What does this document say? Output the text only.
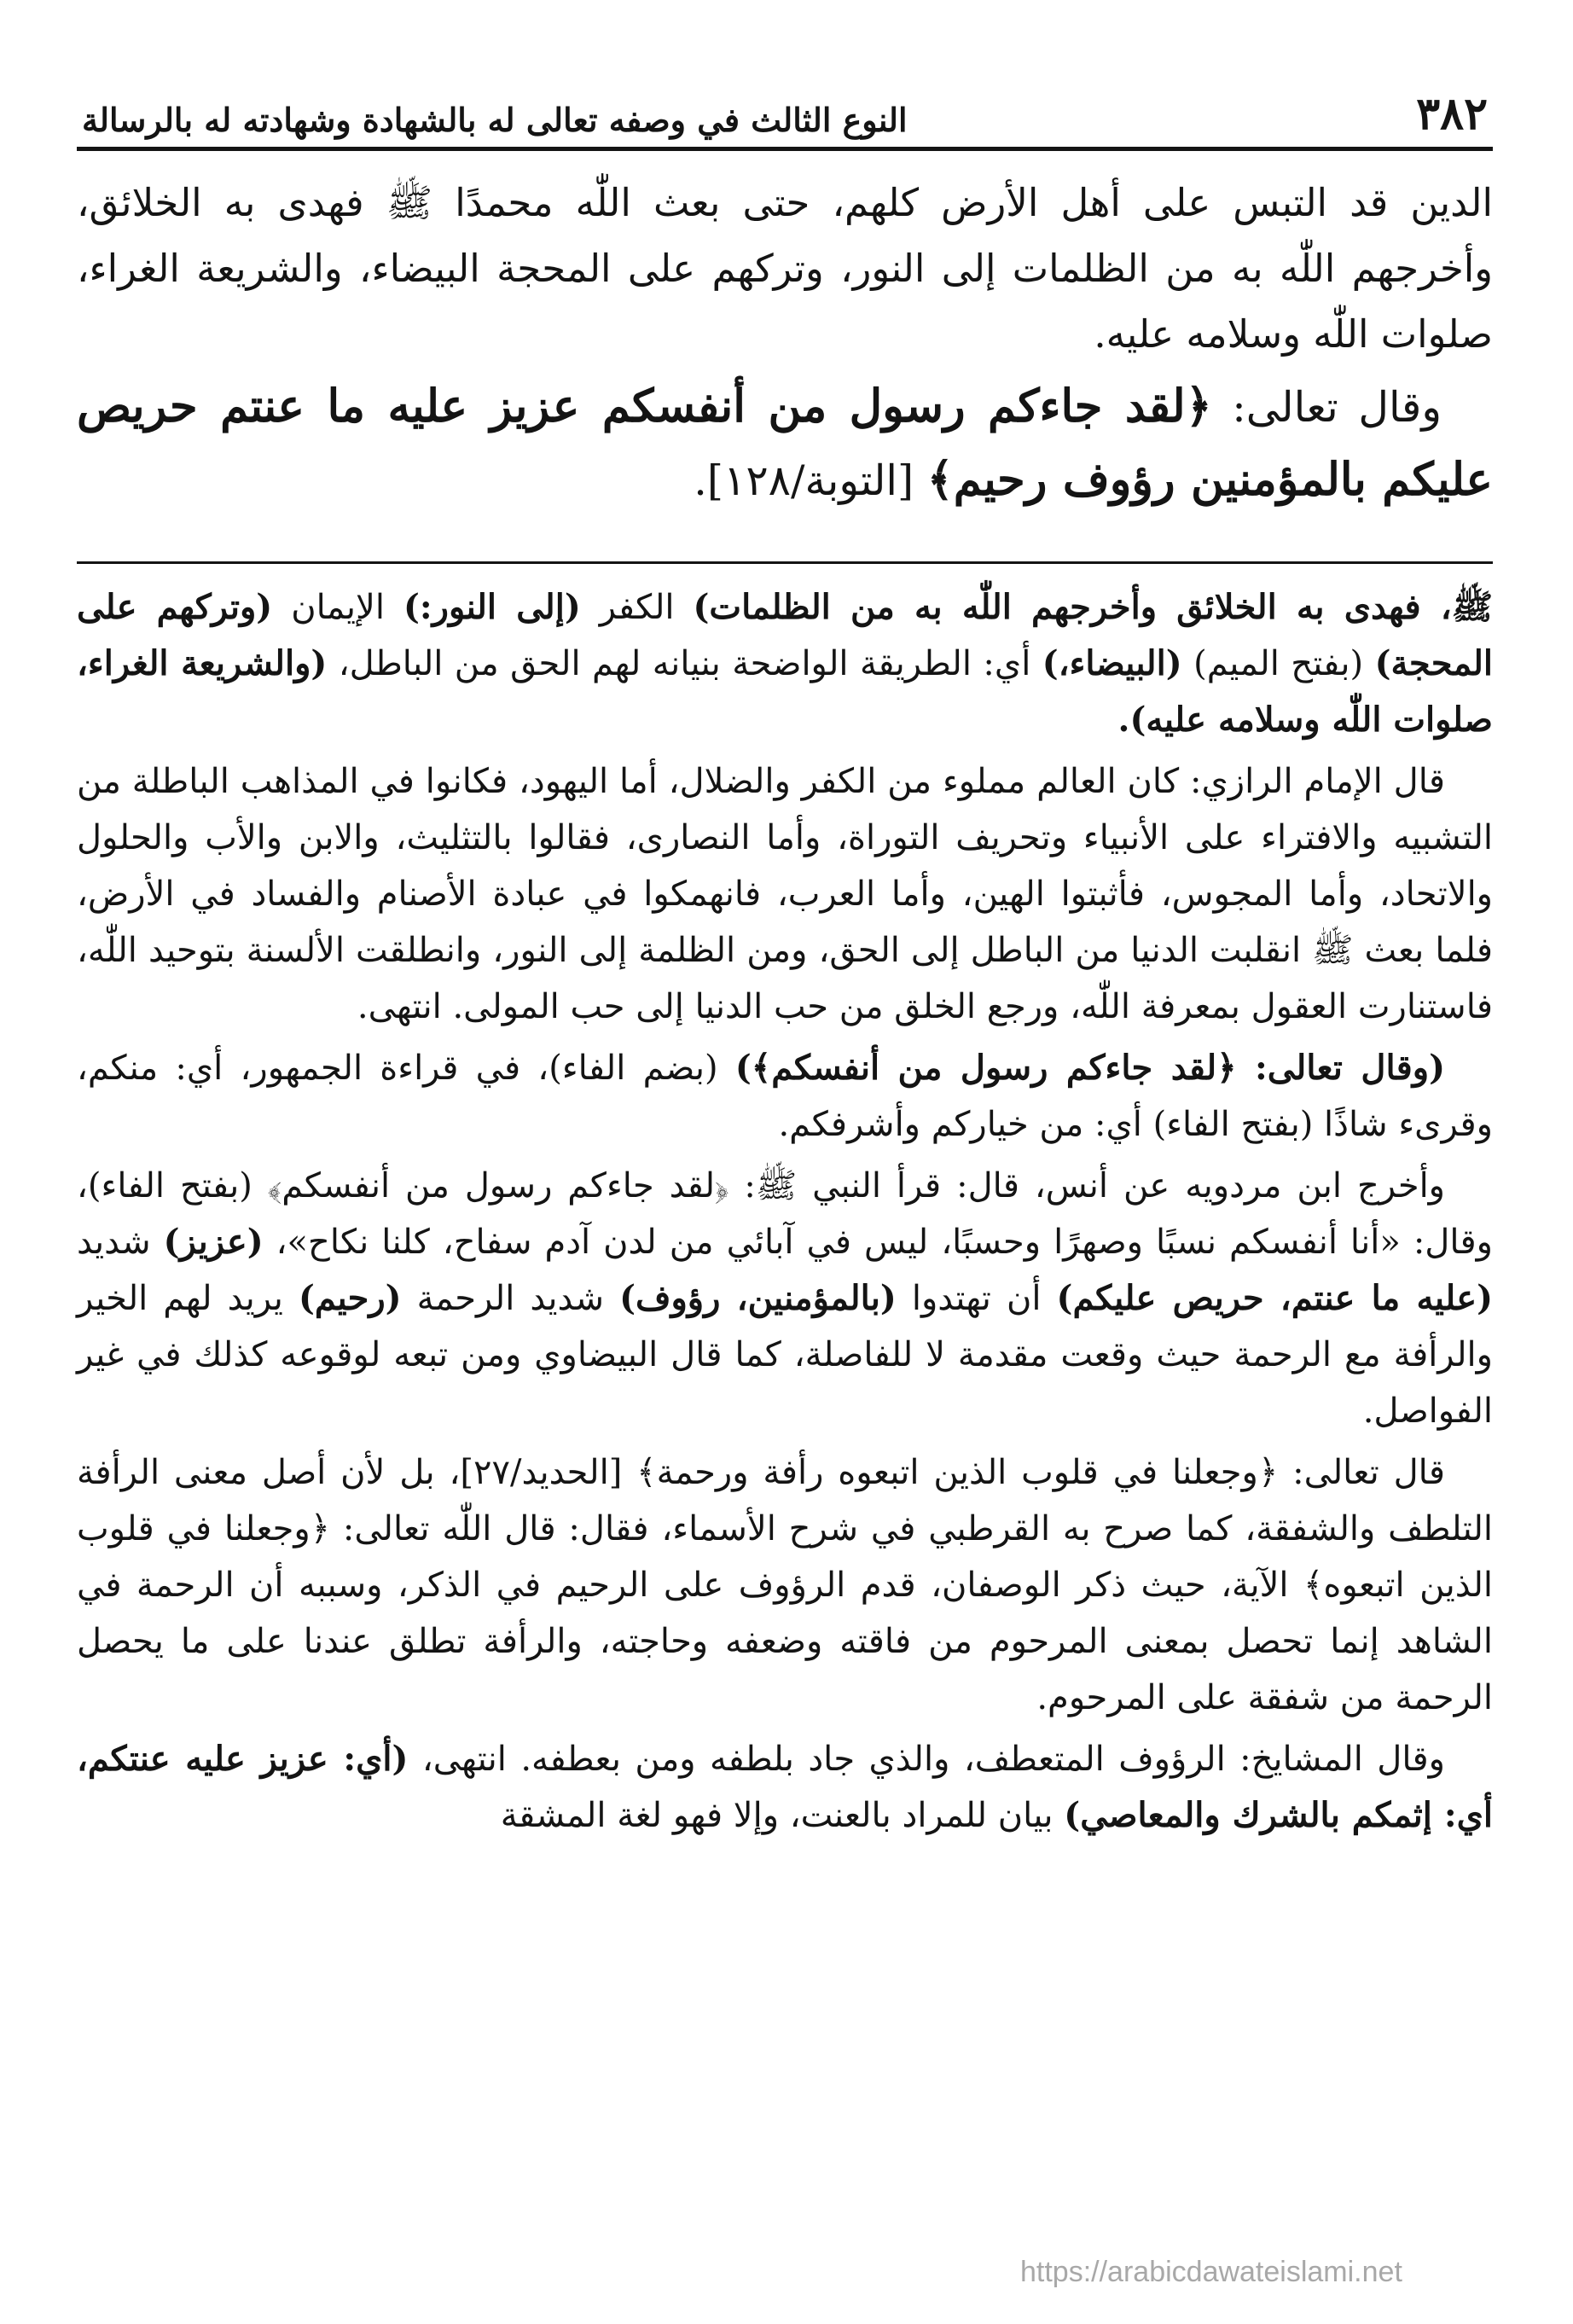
٣٨٢
النوع الثالث في وصفه تعالى له بالشهادة وشهادته له بالرسالة

الدين قد التبس على أهل الأرض كلهم، حتى بعث اللّٰه محمدًا ﷺ فهدى به الخلائق، وأخرجهم اللّٰه به من الظلمات إلى النور، وتركهم على المحجة البيضاء، والشريعة الغراء، صلوات اللّٰه وسلامه عليه.

وقال تعالى: ﴿لقد جاءكم رسول من أنفسكم عزيز عليه ما عنتم حريص عليكم بالمؤمنين رؤوف رحيم﴾ [التوبة/١٢٨].

ﷺ، فهدى به الخلائق وأخرجهم اللّٰه به من الظلمات) الكفر (إلى النور:) الإيمان (وتركهم على المحجة) (بفتح الميم) (البيضاء،) أي: الطريقة الواضحة بنيانه لهم الحق من الباطل، (والشريعة الغراء، صلوات اللّٰه وسلامه عليه).

قال الإمام الرازي: كان العالم مملوء من الكفر والضلال، أما اليهود، فكانوا في المذاهب الباطلة من التشبيه والافتراء على الأنبياء وتحريف التوراة، وأما النصارى، فقالوا بالتثليث، والابن والأب والحلول والاتحاد، وأما المجوس، فأثبتوا الهين، وأما العرب، فانهمكوا في عبادة الأصنام والفساد في الأرض، فلما بعث ﷺ انقلبت الدنيا من الباطل إلى الحق، ومن الظلمة إلى النور، وانطلقت الألسنة بتوحيد اللّٰه، فاستنارت العقول بمعرفة اللّٰه، ورجع الخلق من حب الدنيا إلى حب المولى. انتهى.

(وقال تعالى: ﴿لقد جاءكم رسول من أنفسكم﴾) (بضم الفاء)، في قراءة الجمهور، أي: منكم، وقرىء شاذًا (بفتح الفاء) أي: من خياركم وأشرفكم.

وأخرج ابن مردويه عن أنس، قال: قرأ النبي ﷺ: ﴿لقد جاءكم رسول من أنفسكم﴾ (بفتح الفاء)، وقال: «أنا أنفسكم نسبًا وصهرًا وحسبًا، ليس في آبائي من لدن آدم سفاح، كلنا نكاح»، (عزيز) شديد (عليه ما عنتم، حريص عليكم) أن تهتدوا (بالمؤمنين، رؤوف) شديد الرحمة (رحيم) يريد لهم الخير والرأفة مع الرحمة حيث وقعت مقدمة لا للفاصلة، كما قال البيضاوي ومن تبعه لوقوعه كذلك في غير الفواصل.

قال تعالى: ﴿وجعلنا في قلوب الذين اتبعوه رأفة ورحمة﴾ [الحديد/٢٧]، بل لأن أصل معنى الرأفة التلطف والشفقة، كما صرح به القرطبي في شرح الأسماء، فقال: قال اللّٰه تعالى: ﴿وجعلنا في قلوب الذين اتبعوه﴾ الآية، حيث ذكر الوصفان، قدم الرؤوف على الرحيم في الذكر، وسببه أن الرحمة في الشاهد إنما تحصل بمعنى المرحوم من فاقته وضعفه وحاجته، والرأفة تطلق عندنا على ما يحصل الرحمة من شفقة على المرحوم.

وقال المشايخ: الرؤوف المتعطف، والذي جاد بلطفه ومن بعطفه. انتهى، (أي: عزيز عليه عنتكم، أي: إثمكم بالشرك والمعاصي) بيان للمراد بالعنت، وإلا فهو لغة المشقة

https://arabicdawateislami.net
